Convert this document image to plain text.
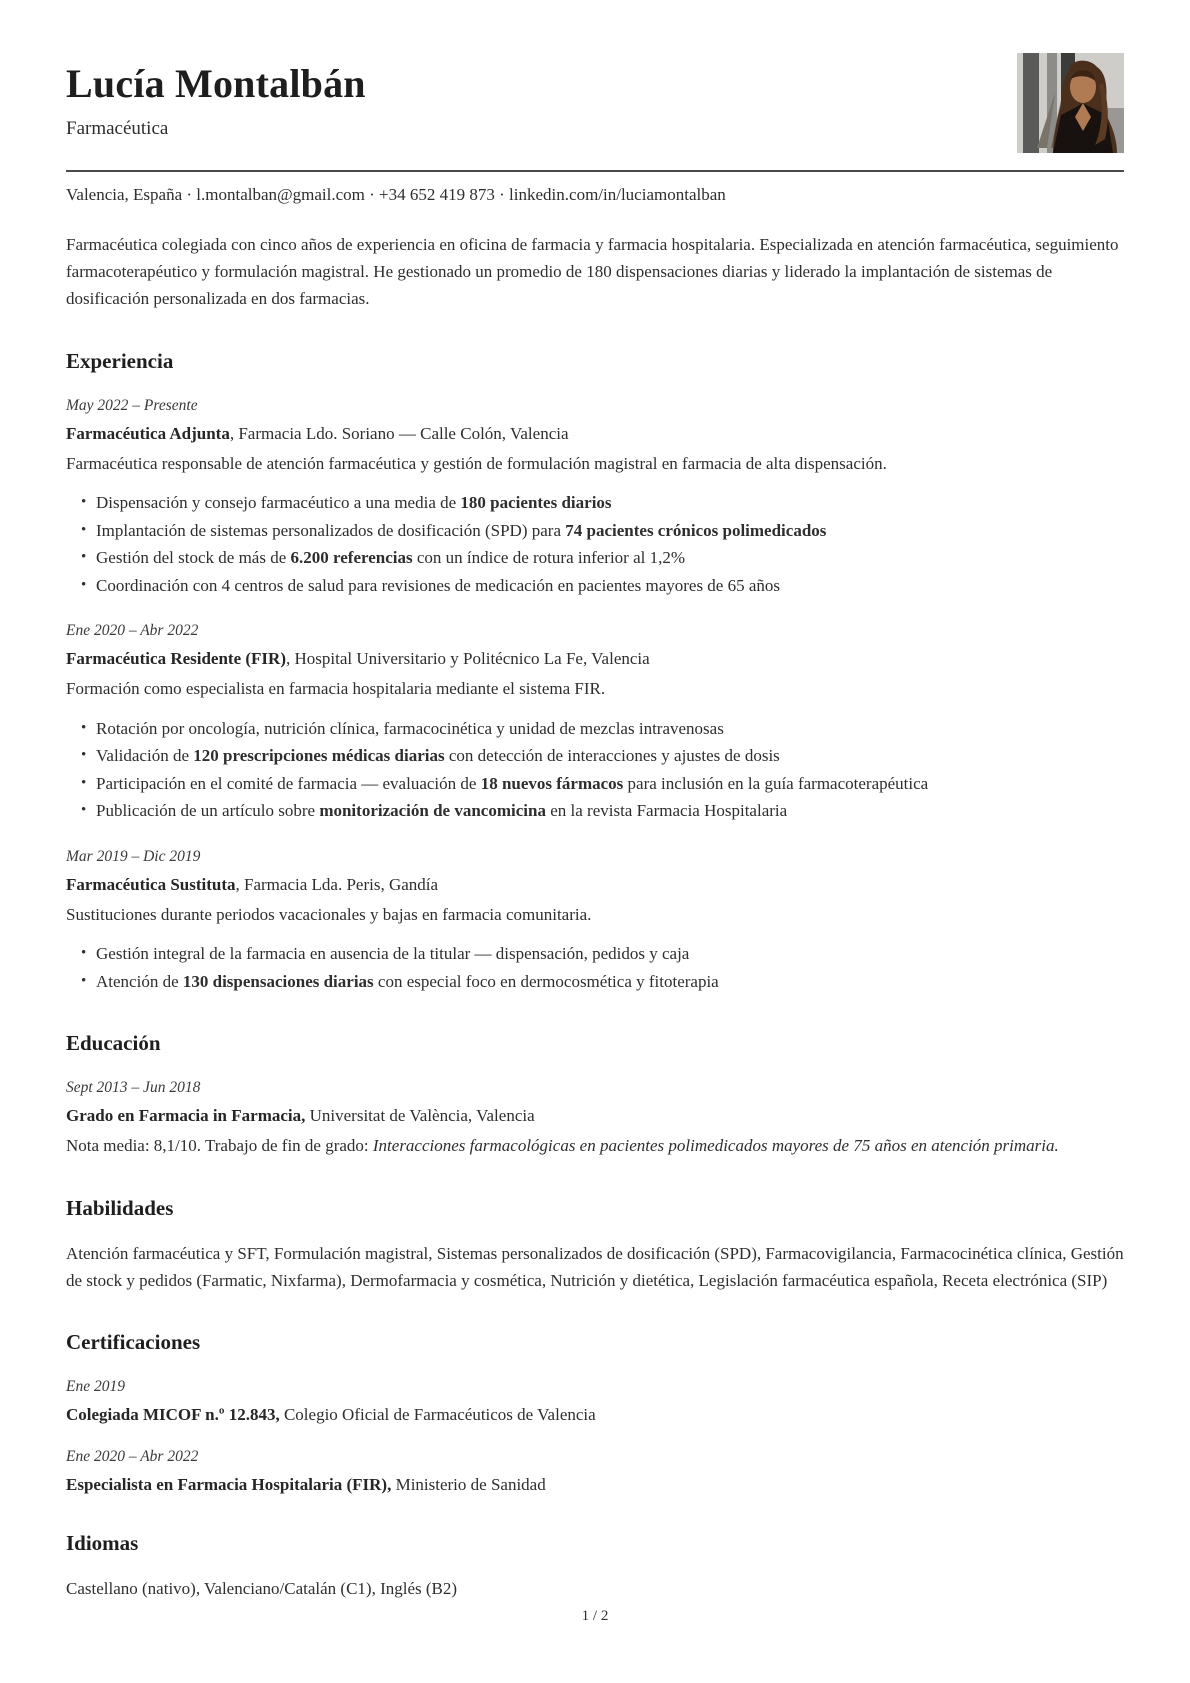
Lucía Montalbán
Farmacéutica
Valencia, España · l.montalban@gmail.com · +34 652 419 873 · linkedin.com/in/luciamontalban

Farmacéutica colegiada con cinco años de experiencia en oficina de farmacia y farmacia hospitalaria. Especializada en atención farmacéutica, seguimiento farmacoterapéutico y formulación magistral. He gestionado un promedio de 180 dispensaciones diarias y liderado la implantación de sistemas de dosificación personalizada en dos farmacias.

Experiencia
May 2022 – Presente
Farmacéutica Adjunta, Farmacia Ldo. Soriano — Calle Colón, Valencia

Farmacéutica responsable de atención farmacéutica y gestión de formulación magistral en farmacia de alta dispensación.

• Dispensación y consejo farmacéutico a una media de 180 pacientes diarios
• Implantación de sistemas personalizados de dosificación (SPD) para 74 pacientes crónicos polimedicados
• Gestión del stock de más de 6.200 referencias con un índice de rotura inferior al 1,2%
• Coordinación con 4 centros de salud para revisiones de medicación en pacientes mayores de 65 años
Ene 2020 – Abr 2022
Farmacéutica Residente (FIR), Hospital Universitario y Politécnico La Fe, Valencia

Formación como especialista en farmacia hospitalaria mediante el sistema FIR.

• Rotación por oncología, nutrición clínica, farmacocinética y unidad de mezclas intravenosas
• Validación de 120 prescripciones médicas diarias con detección de interacciones y ajustes de dosis
• Participación en el comité de farmacia — evaluación de 18 nuevos fármacos para inclusión en la guía farmacoterapéutica
• Publicación de un artículo sobre monitorización de vancomicina en la revista Farmacia Hospitalaria
Mar 2019 – Dic 2019
Farmacéutica Sustituta, Farmacia Lda. Peris, Gandía

Sustituciones durante periodos vacacionales y bajas en farmacia comunitaria.

• Gestión integral de la farmacia en ausencia de la titular — dispensación, pedidos y caja
• Atención de 130 dispensaciones diarias con especial foco en dermocosmética y fitoterapia
Educación
Sept 2013 – Jun 2018
Grado en Farmacia in Farmacia, Universitat de València, Valencia

Nota media: 8,1/10. Trabajo de fin de grado: Interacciones farmacológicas en pacientes polimedicados mayores de 75 años en atención primaria.

Habilidades

Atención farmacéutica y SFT, Formulación magistral, Sistemas personalizados de dosificación (SPD), Farmacovigilancia, Farmacocinética clínica, Gestión de stock y pedidos (Farmatic, Nixfarma), Dermofarmacia y cosmética, Nutrición y dietética, Legislación farmacéutica española, Receta electrónica (SIP)

Certificaciones
Ene 2019
Colegiada MICOF n.º 12.843, Colegio Oficial de Farmacéuticos de Valencia
Ene 2020 – Abr 2022
Especialista en Farmacia Hospitalaria (FIR), Ministerio de Sanidad
Idiomas

Castellano (nativo), Valenciano/Catalán (C1), Inglés (B2)

1 / 2
